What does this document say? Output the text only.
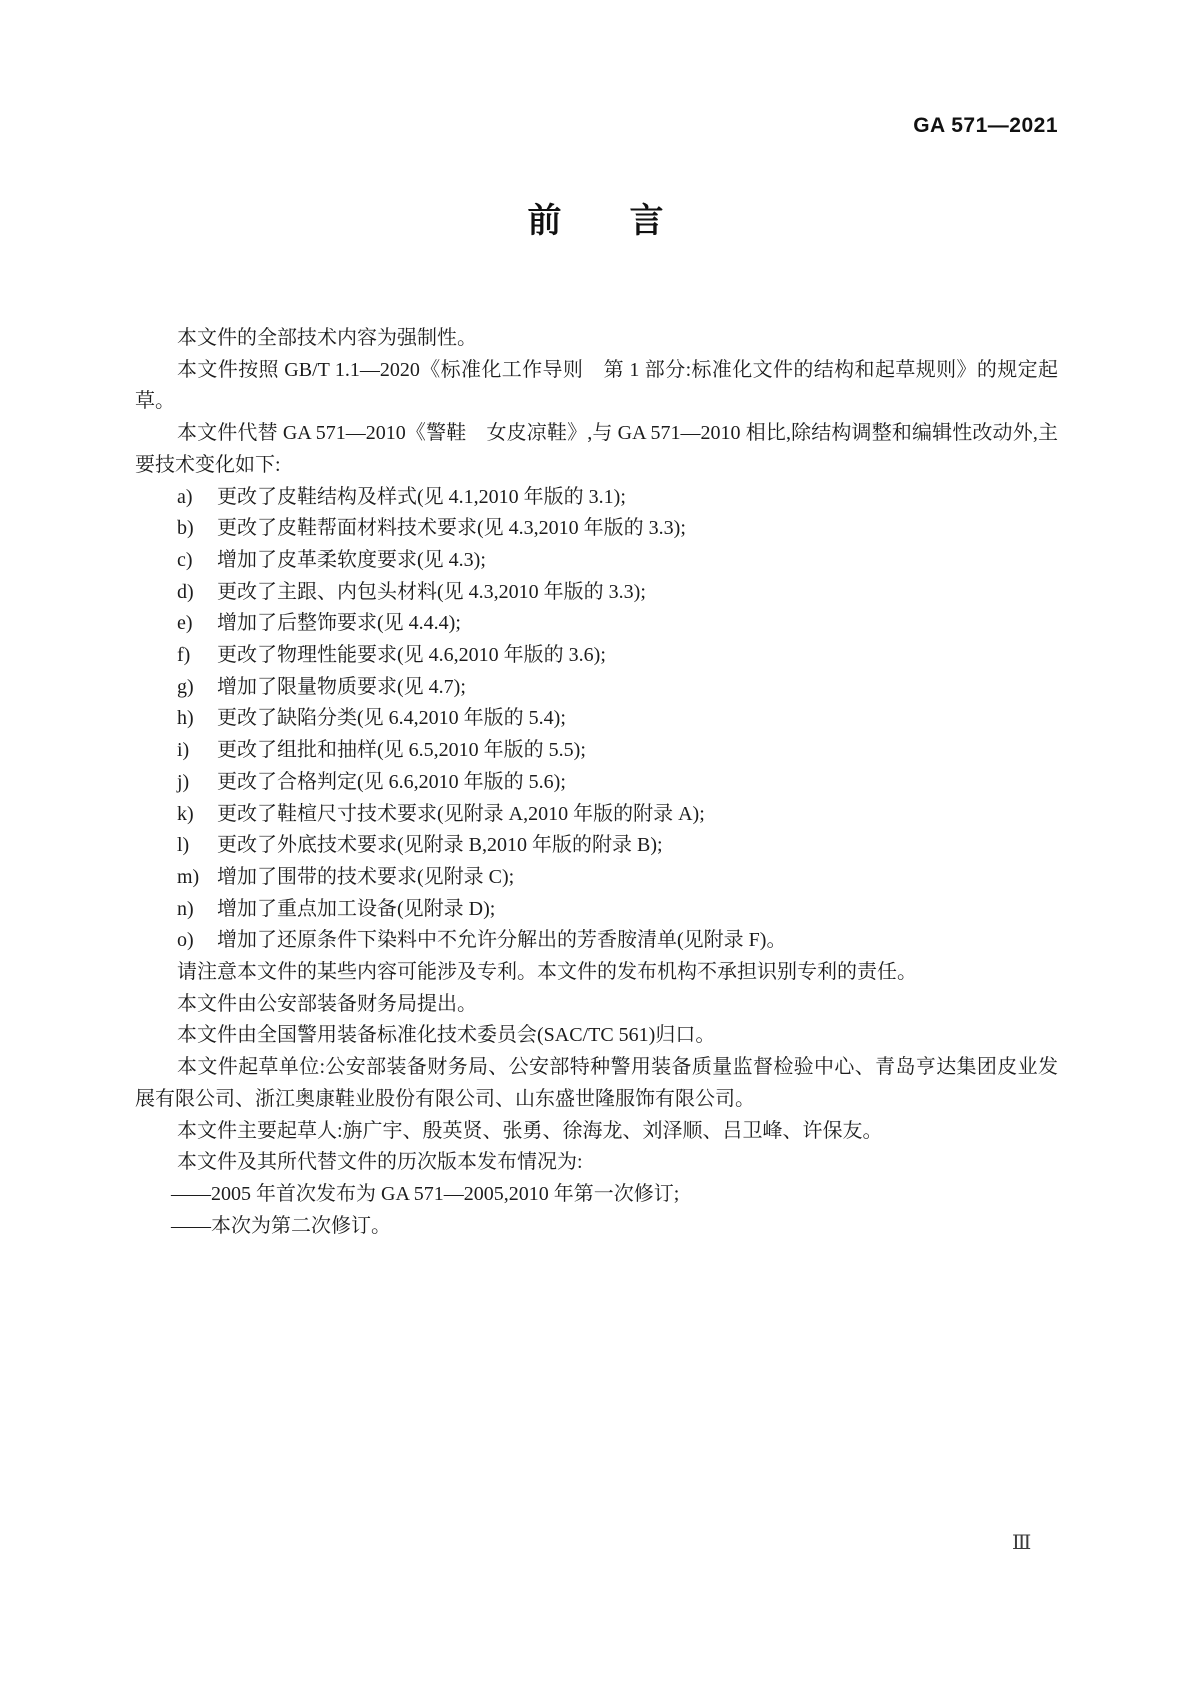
GA 571—2021
前　　言

本文件的全部技术内容为强制性。

本文件按照 GB/T 1.1—2020《标准化工作导则　第 1 部分:标准化文件的结构和起草规则》的规定起草。

本文件代替 GA 571—2010《警鞋　女皮凉鞋》,与 GA 571—2010 相比,除结构调整和编辑性改动外,主要技术变化如下:

a)	更改了皮鞋结构及样式(见 4.1,2010 年版的 3.1);
b)	更改了皮鞋帮面材料技术要求(见 4.3,2010 年版的 3.3);
c)	增加了皮革柔软度要求(见 4.3);
d)	更改了主跟、内包头材料(见 4.3,2010 年版的 3.3);
e)	增加了后整饰要求(见 4.4.4);
f)	更改了物理性能要求(见 4.6,2010 年版的 3.6);
g)	增加了限量物质要求(见 4.7);
h)	更改了缺陷分类(见 6.4,2010 年版的 5.4);
i)	更改了组批和抽样(见 6.5,2010 年版的 5.5);
j)	更改了合格判定(见 6.6,2010 年版的 5.6);
k)	更改了鞋楦尺寸技术要求(见附录 A,2010 年版的附录 A);
l)	更改了外底技术要求(见附录 B,2010 年版的附录 B);
m) 增加了围带的技术要求(见附录 C);
n)	增加了重点加工设备(见附录 D);
o)	增加了还原条件下染料中不允许分解出的芳香胺清单(见附录 F)。

请注意本文件的某些内容可能涉及专利。本文件的发布机构不承担识别专利的责任。

本文件由公安部装备财务局提出。

本文件由全国警用装备标准化技术委员会(SAC/TC 561)归口。

本文件起草单位:公安部装备财务局、公安部特种警用装备质量监督检验中心、青岛亨达集团皮业发展有限公司、浙江奥康鞋业股份有限公司、山东盛世隆服饰有限公司。

本文件主要起草人:旃广宇、殷英贤、张勇、徐海龙、刘泽顺、吕卫峰、许保友。

本文件及其所代替文件的历次版本发布情况为:

——2005 年首次发布为 GA 571—2005,2010 年第一次修订;

——本次为第二次修订。

Ⅲ
